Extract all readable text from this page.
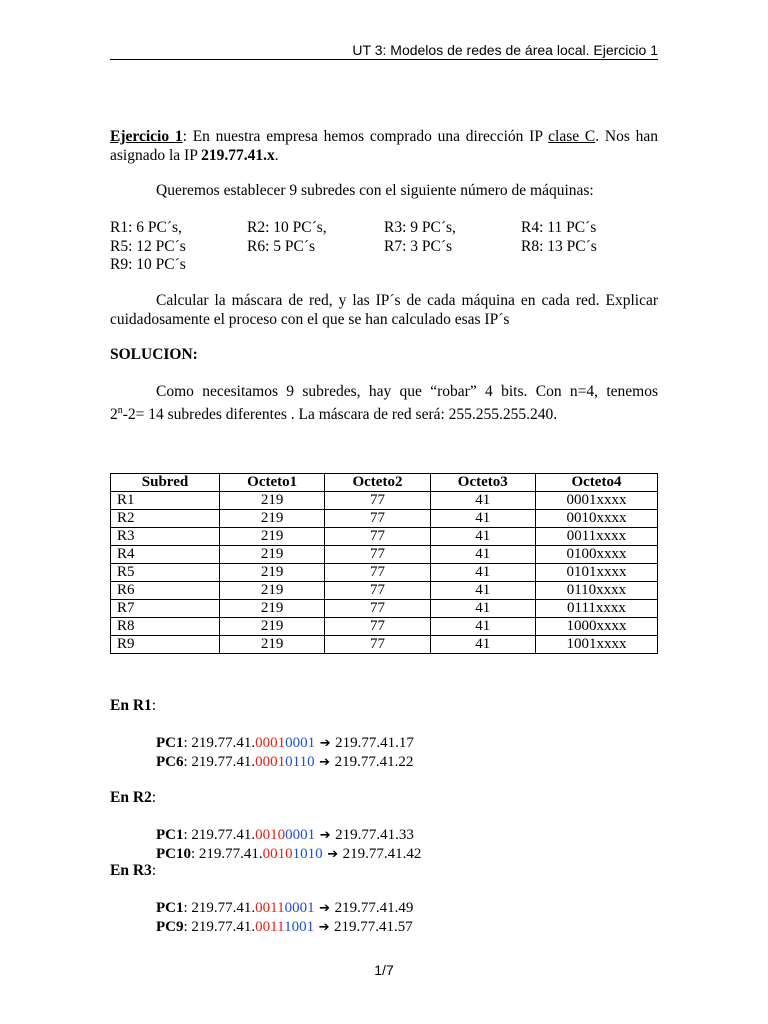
UT 3: Modelos de redes de área local. Ejercicio 1
Ejercicio 1: En nuestra empresa hemos comprado una dirección IP clase C. Nos han asignado la IP 219.77.41.x.
Queremos establecer 9 subredes con el siguiente número de máquinas:
R1: 6 PC´s,	R2: 10 PC´s,	R3: 9 PC´s,	R4: 11 PC´s
R5: 12 PC´s	R6: 5 PC´s	R7: 3 PC´s	R8: 13 PC´s
R9: 10 PC´s
Calcular la máscara de red, y las IP´s de cada máquina en cada red. Explicar cuidadosamente el proceso con el que se han calculado esas IP´s
SOLUCION:
Como necesitamos 9 subredes, hay que “robar” 4 bits. Con n=4, tenemos
$2^n-2= 14$ subredes diferentes . La máscara de red será: 255.255.255.240.
Subred	Octeto1	Octeto2	Octeto3	Octeto4
R1	219	77	41	0001xxxx
R2	219	77	41	0010xxxx
R3	219	77	41	0011xxxx
R4	219	77	41	0100xxxx
R5	219	77	41	0101xxxx
R6	219	77	41	0110xxxx
R7	219	77	41	0111xxxx
R8	219	77	41	1000xxxx
R9	219	77	41	1001xxxx
En R1:
PC1: 219.77.41.00010001 ➔ 219.77.41.17
PC6: 219.77.41.00010110 ➔ 219.77.41.22
En R2:
PC1: 219.77.41.00100001 ➔ 219.77.41.33
PC10: 219.77.41.00101010 ➔ 219.77.41.42
En R3:
PC1: 219.77.41.00110001 ➔ 219.77.41.49
PC9: 219.77.41.00111001 ➔ 219.77.41.57
1/7
